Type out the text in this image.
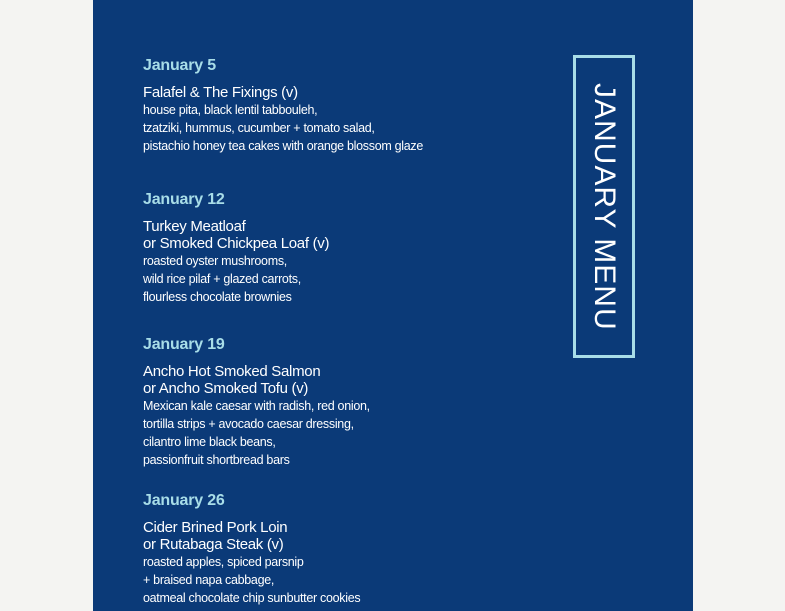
January 5
Falafel & The Fixings (v)
house pita, black lentil tabbouleh,
tzatziki, hummus, cucumber + tomato salad,
pistachio honey tea cakes with orange blossom glaze
January 12
Turkey Meatloaf
or Smoked Chickpea Loaf (v)
roasted oyster mushrooms,
wild rice pilaf + glazed carrots,
flourless chocolate brownies
January 19
Ancho Hot Smoked Salmon
or Ancho Smoked Tofu (v)
Mexican kale caesar with radish, red onion,
tortilla strips + avocado caesar dressing,
cilantro lime black beans,
passionfruit shortbread bars
January 26
Cider Brined Pork Loin
or Rutabaga Steak (v)
roasted apples, spiced parsnip
+ braised napa cabbage,
oatmeal chocolate chip sunbutter cookies
JANUARY MENU
